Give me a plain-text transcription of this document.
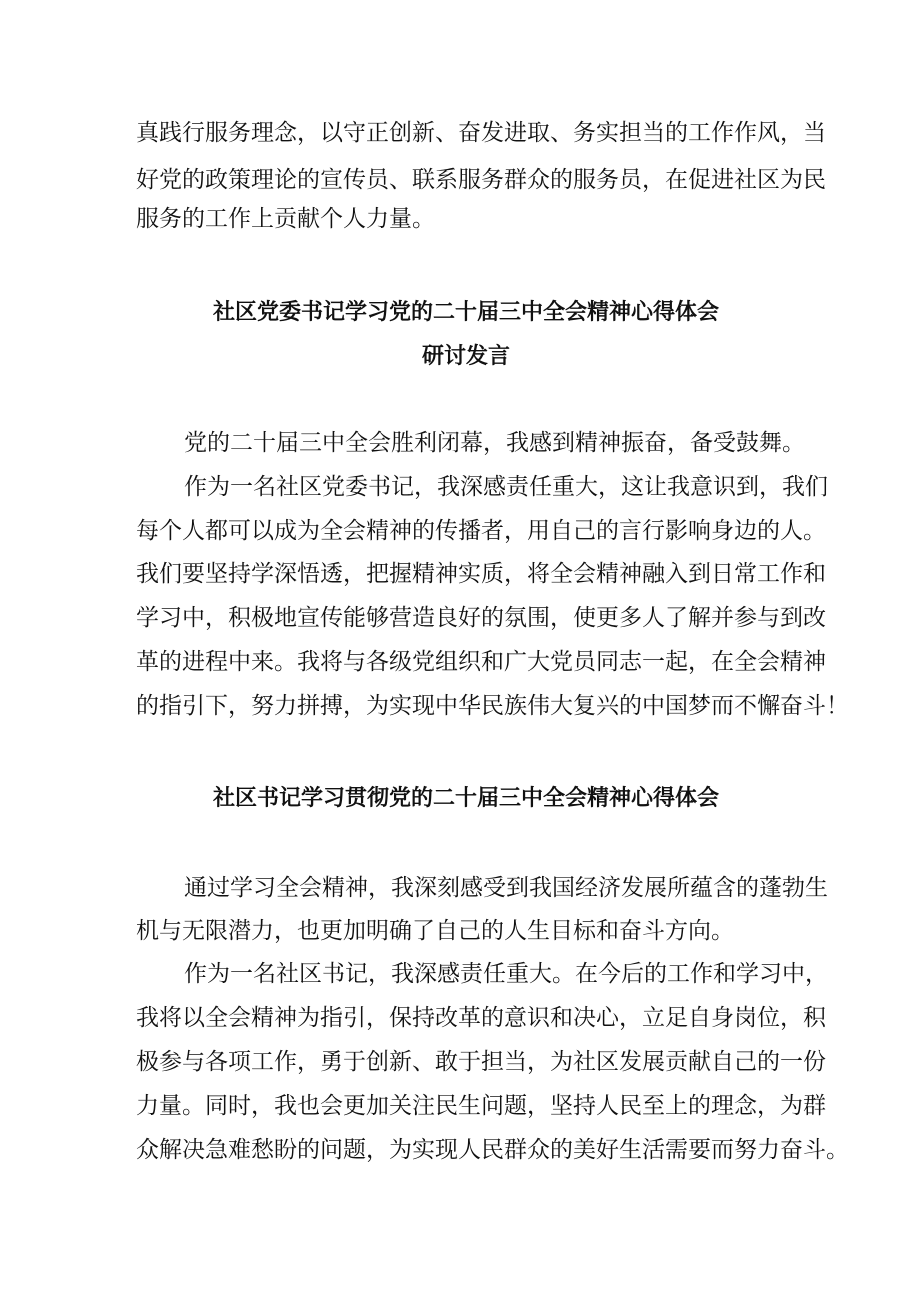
真践行服务理念，以守正创新、奋发进取、务实担当的工作作风，当

好党的政策理论的宣传员、联系服务群众的服务员，在促进社区为民

服务的工作上贡献个人力量。

社区党委书记学习党的二十届三中全会精神心得体会
研讨发言

党的二十届三中全会胜利闭幕，我感到精神振奋，备受鼓舞。

作为一名社区党委书记，我深感责任重大，这让我意识到，我们

每个人都可以成为全会精神的传播者，用自己的言行影响身边的人。

我们要坚持学深悟透，把握精神实质，将全会精神融入到日常工作和

学习中，积极地宣传能够营造良好的氛围，使更多人了解并参与到改

革的进程中来。我将与各级党组织和广大党员同志一起，在全会精神

的指引下，努力拼搏，为实现中华民族伟大复兴的中国梦而不懈奋斗！

社区书记学习贯彻党的二十届三中全会精神心得体会

通过学习全会精神，我深刻感受到我国经济发展所蕴含的蓬勃生

机与无限潜力，也更加明确了自己的人生目标和奋斗方向。

作为一名社区书记，我深感责任重大。在今后的工作和学习中，

我将以全会精神为指引，保持改革的意识和决心，立足自身岗位，积

极参与各项工作，勇于创新、敢于担当，为社区发展贡献自己的一份

力量。同时，我也会更加关注民生问题，坚持人民至上的理念，为群

众解决急难愁盼的问题，为实现人民群众的美好生活需要而努力奋斗。
